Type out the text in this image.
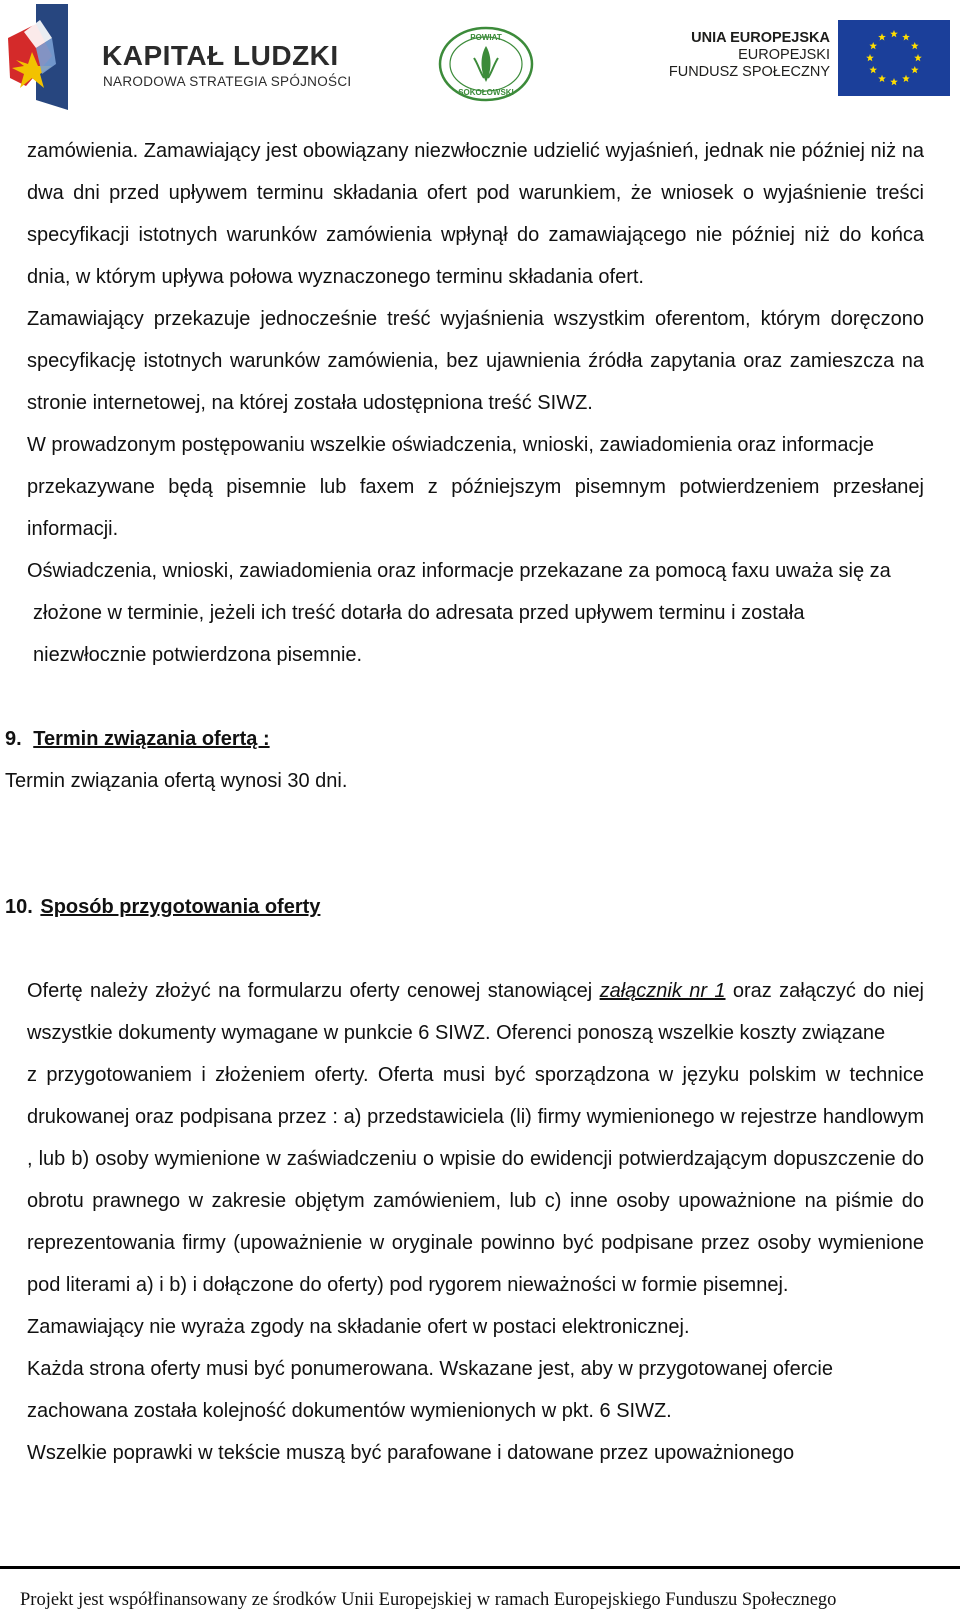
KAPITAŁ LUDZKI
NARODOWA STRATEGIA SPÓJNOŚCI
POWIAT
SOKOŁOWSKI
UNIA EUROPEJSKA
EUROPEJSKI
FUNDUSZ SPOŁECZNY
zamówienia. Zamawiający jest obowiązany niezwłocznie udzielić wyjaśnień, jednak nie później niż na
dwa dni przed upływem terminu składania ofert pod warunkiem, że wniosek o wyjaśnienie treści
specyfikacji istotnych warunków zamówienia wpłynął do zamawiającego nie później niż do końca
dnia, w którym upływa połowa wyznaczonego terminu składania ofert.
Zamawiający przekazuje jednocześnie treść wyjaśnienia wszystkim oferentom, którym doręczono
specyfikację istotnych warunków zamówienia, bez ujawnienia źródła zapytania oraz zamieszcza na
stronie internetowej, na której została udostępniona treść SIWZ.
W prowadzonym postępowaniu wszelkie oświadczenia, wnioski, zawiadomienia oraz informacje
przekazywane będą pisemnie lub faxem z późniejszym pisemnym potwierdzeniem przesłanej
informacji.
Oświadczenia, wnioski, zawiadomienia oraz informacje przekazane za pomocą faxu uważa się za
złożone w terminie, jeżeli ich treść dotarła do adresata przed upływem terminu i została
niezwłocznie potwierdzona pisemnie.
9. Termin związania ofertą :
Termin związania ofertą wynosi 30 dni.
10. Sposób przygotowania oferty
Ofertę należy złożyć na formularzu oferty cenowej stanowiącej załącznik nr 1 oraz załączyć do niej
wszystkie dokumenty wymagane w punkcie 6 SIWZ. Oferenci ponoszą wszelkie koszty związane
z przygotowaniem i złożeniem oferty. Oferta musi być sporządzona w języku polskim w technice
drukowanej oraz podpisana przez : a) przedstawiciela (li) firmy wymienionego w rejestrze handlowym
, lub b) osoby wymienione w zaświadczeniu o wpisie do ewidencji potwierdzającym dopuszczenie do
obrotu prawnego w zakresie objętym zamówieniem, lub c) inne osoby upoważnione na piśmie do
reprezentowania firmy (upoważnienie w oryginale powinno być podpisane przez osoby wymienione
pod literami a) i b) i dołączone do oferty) pod rygorem nieważności w formie pisemnej.
Zamawiający nie wyraża zgody na składanie ofert w postaci elektronicznej.
Każda strona oferty musi być ponumerowana. Wskazane jest, aby w przygotowanej ofercie
zachowana została kolejność dokumentów wymienionych w pkt. 6 SIWZ.
Wszelkie poprawki w tekście muszą być parafowane i datowane przez upoważnionego
Projekt jest współfinansowany ze środków Unii Europejskiej w ramach Europejskiego Funduszu Społecznego
